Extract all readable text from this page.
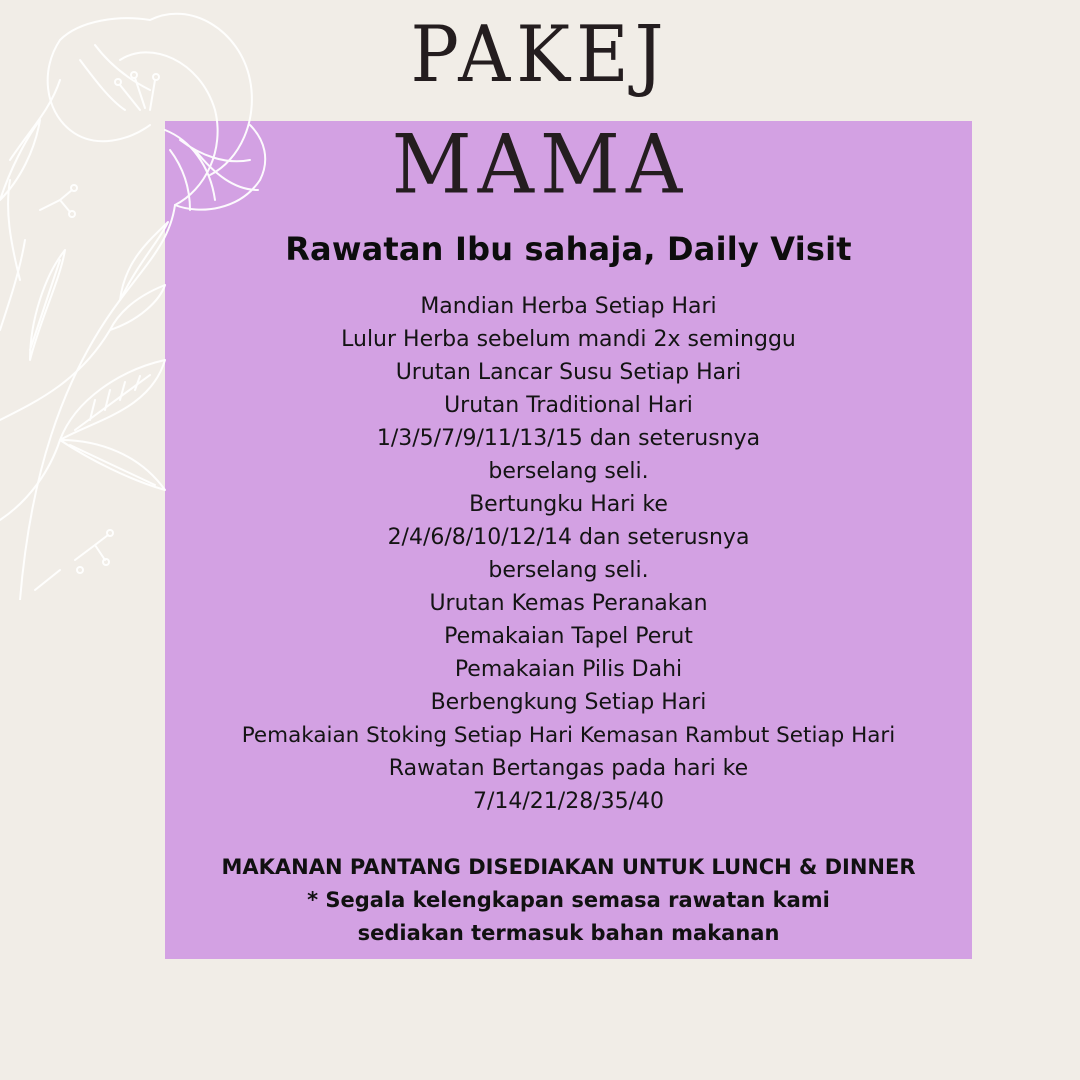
PAKEJ
MAMA
Rawatan Ibu sahaja, Daily Visit
Mandian Herba Setiap Hari
Lulur Herba sebelum mandi 2x seminggu
Urutan Lancar Susu Setiap Hari
Urutan Traditional Hari
1/3/5/7/9/11/13/15 dan seterusnya
berselang seli.
Bertungku Hari ke
2/4/6/8/10/12/14 dan seterusnya
berselang seli.
Urutan Kemas Peranakan
Pemakaian Tapel Perut
Pemakaian Pilis Dahi
Berbengkung Setiap Hari
Pemakaian Stoking Setiap Hari Kemasan Rambut Setiap Hari
Rawatan Bertangas pada hari ke
7/14/21/28/35/40
MAKANAN PANTANG DISEDIAKAN UNTUK LUNCH & DINNER
* Segala kelengkapan semasa rawatan kami
sediakan termasuk bahan makanan
